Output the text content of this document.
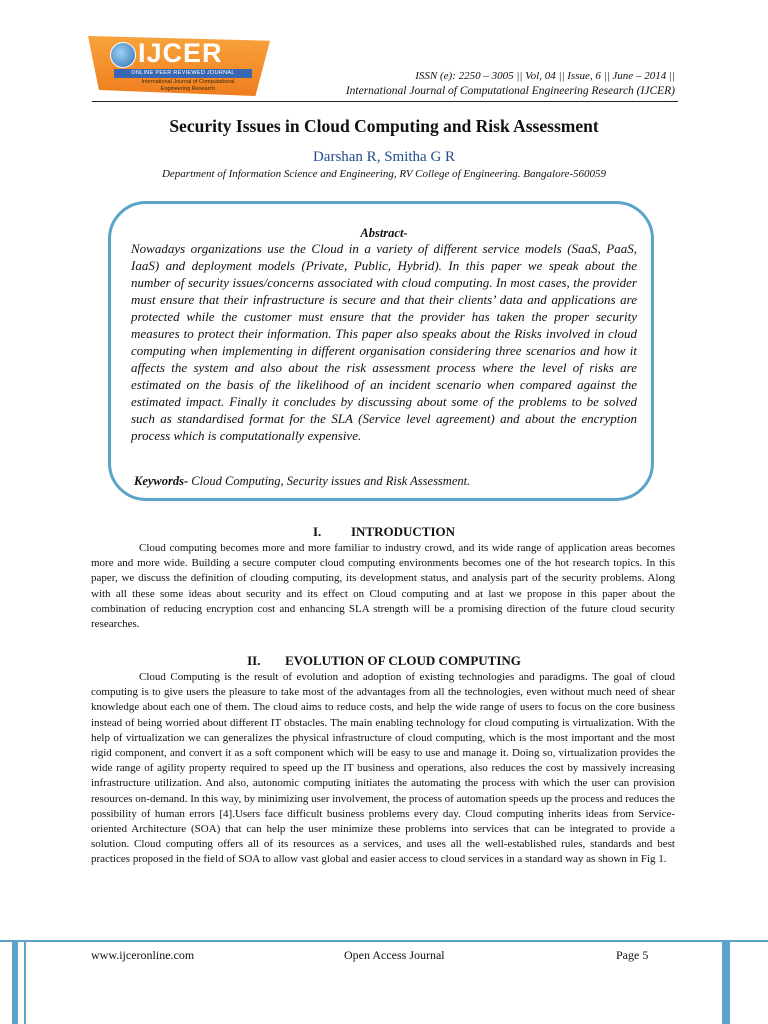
IJCER
ONLINE PEER REVIEWED JOURNAL
International Journal of Computational Engineering Research
ISSN (e): 2250 – 3005 || Vol, 04 || Issue, 6 || June – 2014 ||
International Journal of Computational Engineering Research (IJCER)
Security Issues in Cloud Computing and Risk Assessment
Darshan R, Smitha G R
Department of Information Science and Engineering, RV College of Engineering. Bangalore-560059
Abstract-
Nowadays organizations use the Cloud in a variety of different service models (SaaS, PaaS, IaaS) and deployment models (Private, Public, Hybrid). In this paper we speak about the number of security issues/concerns associated with cloud computing. In most cases, the provider must ensure that their infrastructure is secure and that their clients’ data and applications are protected while the customer must ensure that the provider has taken the proper security measures to protect their information. This paper also speaks about the Risks involved in cloud computing when implementing in different organisation considering three scenarios and how it affects the system and also about the risk assessment process where the level of risks are estimated on the basis of the likelihood of an incident scenario when compared against the estimated impact. Finally it concludes by discussing about some of the problems to be solved such as standardised format for the SLA (Service level agreement) and about the encryption process which is computationally expensive.
Keywords- Cloud Computing, Security issues and Risk Assessment.
I. INTRODUCTION
Cloud computing becomes more and more familiar to industry crowd, and its wide range of application areas becomes more and more wide. Building a secure computer cloud computing environments becomes one of the hot research topics. In this paper, we discuss the definition of clouding computing, its development status, and analysis part of the security problems. Along with all these some ideas about security and its effect on Cloud computing and at last we propose in this paper about the combination of reducing encryption cost and enhancing SLA strength will be a promising direction of the future cloud security researches.
II. EVOLUTION OF CLOUD COMPUTING
Cloud Computing is the result of evolution and adoption of existing technologies and paradigms. The goal of cloud computing is to give users the pleasure to take most of the advantages from all the technologies, even without much need of shear knowledge about each one of them. The cloud aims to reduce costs, and help the wide range of users to focus on the core business instead of being worried about different IT obstacles. The main enabling technology for cloud computing is virtualization. With the help of virtualization we can generalizes the physical infrastructure of cloud computing, which is the most important and the most rigid component, and convert it as a soft component which will be easy to use and manage it. Doing so, virtualization provides the wide range of agility property required to speed up the IT business and operations, also reduces the cost by massively increasing infrastructure utilization. And also, autonomic computing initiates the automating the process with which the user can provision resources on-demand. In this way, by minimizing user involvement, the process of automation speeds up the process and reduces the possibility of human errors [4].Users face difficult business problems every day. Cloud computing inherits ideas from Service-oriented Architecture (SOA) that can help the user minimize these problems into services that can be integrated to provide a solution. Cloud computing offers all of its resources as a services, and uses all the well-established rules, standards and best practices proposed in the field of SOA to allow vast global and easier access to cloud services in a standard way as shown in Fig 1.
www.ijceronline.com	Open Access Journal	Page 5
